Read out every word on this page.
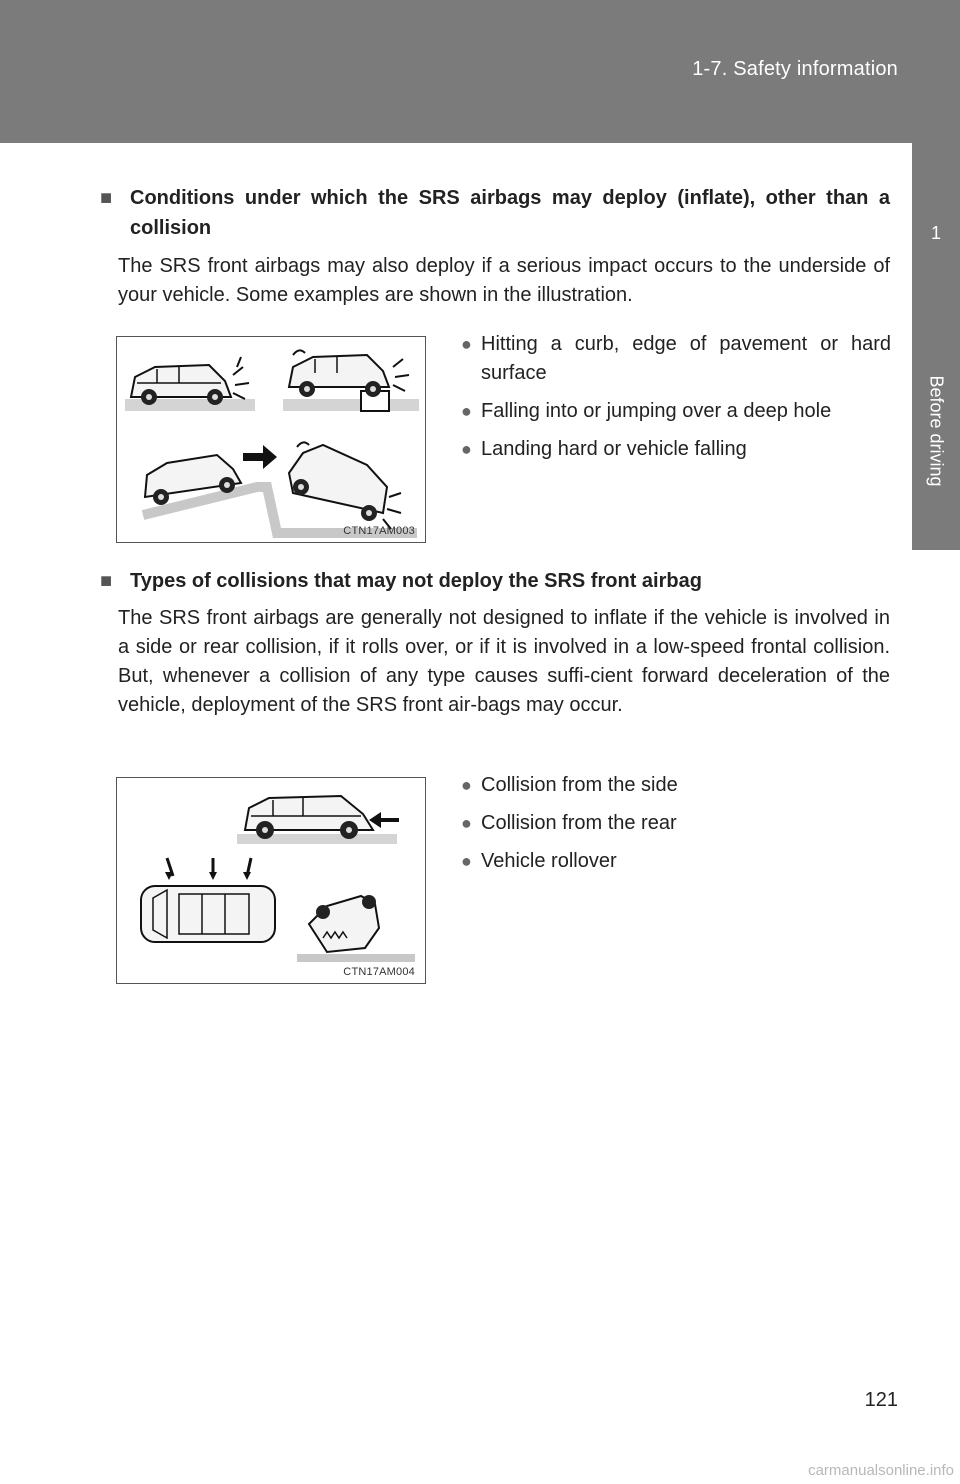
1-7. Safety information
1
Before driving
■ Conditions under which the SRS airbags may deploy (inflate), other than a collision
The SRS front airbags may also deploy if a serious impact occurs to the underside of your vehicle. Some examples are shown in the illustration.
CTN17AM003
● Hitting a curb, edge of pavement or hard surface
● Falling into or jumping over a deep hole
● Landing hard or vehicle falling
■ Types of collisions that may not deploy the SRS front airbag
The SRS front airbags are generally not designed to inflate if the vehicle is involved in a side or rear collision, if it rolls over, or if it is involved in a low-speed frontal collision. But, whenever a collision of any type causes suffi-cient forward deceleration of the vehicle, deployment of the SRS front air-bags may occur.
CTN17AM004
● Collision from the side
● Collision from the rear
● Vehicle rollover
121
carmanualsonline.info
